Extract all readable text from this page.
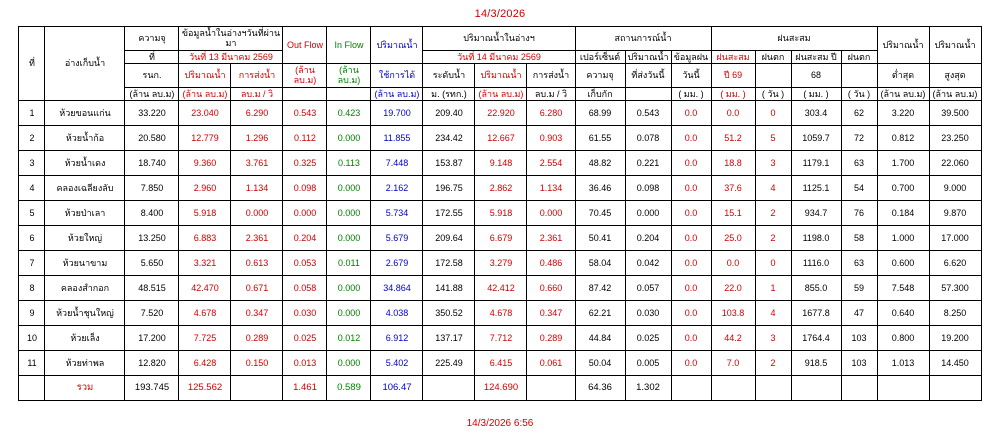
14/3/2026
ที่	อ่างเก็บน้ำ	ความจุ	ข้อมูลน้ำในอ่างฯวันที่ผ่านมา		Out Flow	In Flow	ปริมาณน้ำ	ปริมาณน้ำในอ่างฯ			สถานการณ์น้ำ			ฝนสะสม				ปริมาณน้ำ	ปริมาณน้ำ
		ที่	วันที่ 13 มีนาคม 2569					วันที่ 14 มีนาคม 2569			เปอร์เซ็นต์	ปริมาณน้ำ	ข้อมูลฝน	ฝนสะสม	ฝนตก	ฝนสะสม ปี	ฝนตก		
		รนก.	ปริมาณน้ำ	การส่งน้ำ	(ล้าน ลบ.ม)	(ล้าน ลบ.ม)	ใช้การได้	ระดับน้ำ	ปริมาณน้ำ	การส่งน้ำ	ความจุ	ที่ส่งวันนี้	วันนี้	ปี 69		68		ต่ำสุด	สูงสุด
		(ล้าน ลบ.ม)	(ล้าน ลบ.ม)	ลบ.ม / วิ			(ล้าน ลบ.ม)	ม. (รทก.)	(ล้าน ลบ.ม)	ลบ.ม / วิ	เก็บกัก		( มม. )	( มม. )	( วัน )	( มม. )	( วัน )	(ล้าน ลบ.ม)	(ล้าน ลบ.ม)
1	ห้วยขอนแก่น	33.220	23.040	6.290	0.543	0.423	19.700	209.40	22.920	6.280	68.99	0.543	0.0	0.0	0	303.4	62	3.220	39.500
2	ห้วยน้ำก้อ	20.580	12.779	1.296	0.112	0.000	11.855	234.42	12.667	0.903	61.55	0.078	0.0	51.2	5	1059.7	72	0.812	23.250
3	ห้วยน้ำเดง	18.740	9.360	3.761	0.325	0.113	7.448	153.87	9.148	2.554	48.82	0.221	0.0	18.8	3	1179.1	63	1.700	22.060
4	คลองเฉลียงลับ	7.850	2.960	1.134	0.098	0.000	2.162	196.75	2.862	1.134	36.46	0.098	0.0	37.6	4	1125.1	54	0.700	9.000
5	ห้วยป่าเลา	8.400	5.918	0.000	0.000	0.000	5.734	172.55	5.918	0.000	70.45	0.000	0.0	15.1	2	934.7	76	0.184	9.870
6	ห้วยใหญ่	13.250	6.883	2.361	0.204	0.000	5.679	209.64	6.679	2.361	50.41	0.204	0.0	25.0	2	1198.0	58	1.000	17.000
7	ห้วยนาขาม	5.650	3.321	0.613	0.053	0.011	2.679	172.58	3.279	0.486	58.04	0.042	0.0	0.0	0	1116.0	63	0.600	6.620
8	คลองสำกอก	48.515	42.470	0.671	0.058	0.000	34.864	141.88	42.412	0.660	87.42	0.057	0.0	22.0	1	855.0	59	7.548	57.300
9	ห้วยน้ำชุนใหญ่	7.520	4.678	0.347	0.030	0.000	4.038	350.52	4.678	0.347	62.21	0.030	0.0	103.8	4	1677.8	47	0.640	8.250
10	ห้วยเล็ง	17.200	7.725	0.289	0.025	0.012	6.912	137.17	7.712	0.289	44.84	0.025	0.0	44.2	3	1764.4	103	0.800	19.200
11	ห้วยท่าพล	12.820	6.428	0.150	0.013	0.000	5.402	225.49	6.415	0.061	50.04	0.005	0.0	7.0	2	918.5	103	1.013	14.450
	รวม	193.745	125.562		1.461	0.589	106.47		124.690		64.36	1.302							
14/3/2026 6:56
